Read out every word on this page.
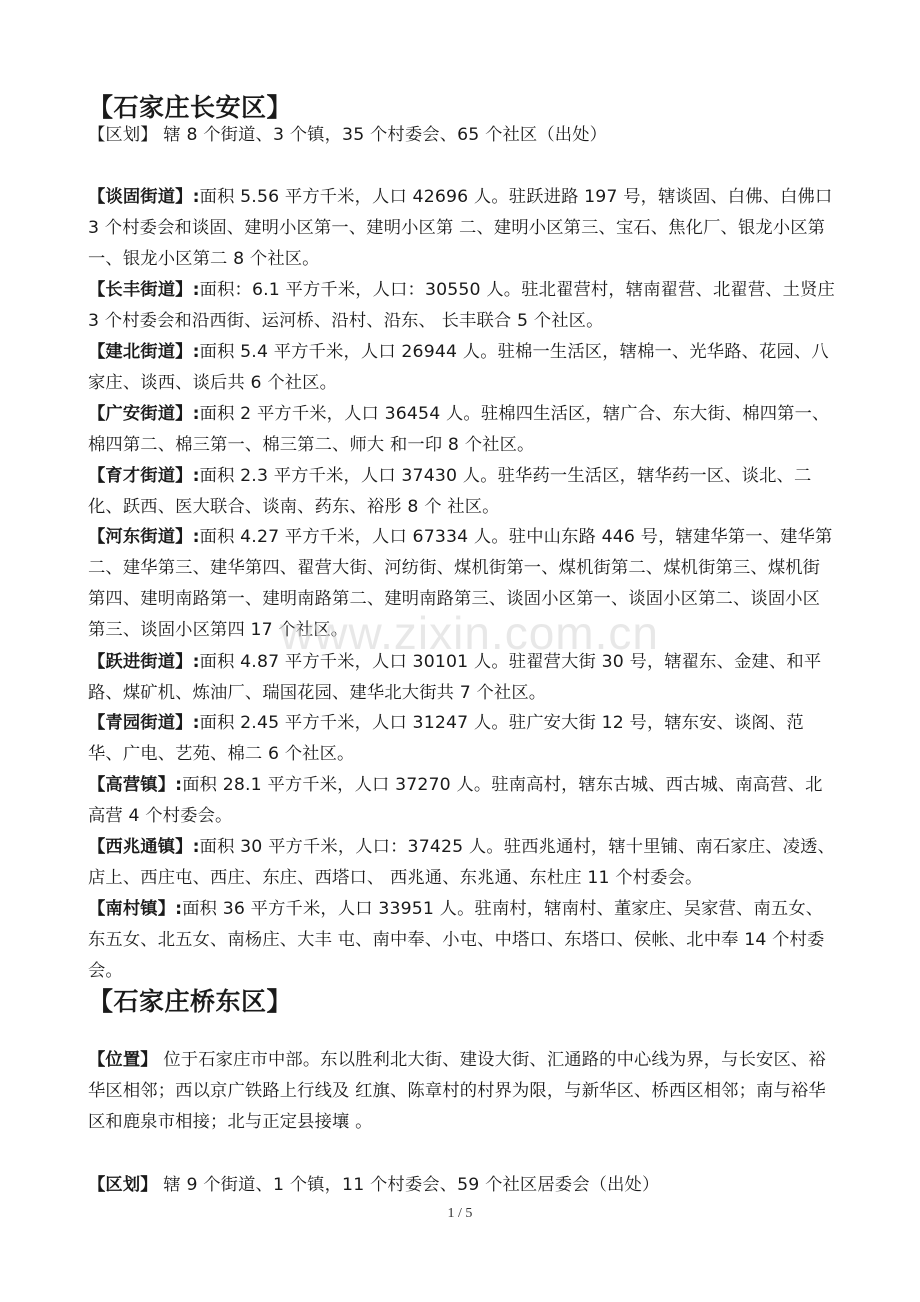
【石家庄长安区】

【区划】 辖 8 个街道、3 个镇，35 个村委会、65 个社区（出处）

【谈固街道】:面积 5.56 平方千米，人口 42696 人。驻跃进路 197 号，辖谈固、白佛、白佛口 3 个村委会和谈固、建明小区第一、建明小区第 二、建明小区第三、宝石、焦化厂、银龙小区第一、银龙小区第二 8 个社区。

【长丰街道】:面积：6.1 平方千米，人口：30550 人。驻北翟营村，辖南翟营、北翟营、土贤庄 3 个村委会和沿西街、运河桥、沿村、沿东、 长丰联合 5 个社区。

【建北街道】:面积 5.4 平方千米，人口 26944 人。驻棉一生活区，辖棉一、光华路、花园、八家庄、谈西、谈后共 6 个社区。

【广安街道】:面积 2 平方千米，人口 36454 人。驻棉四生活区，辖广合、东大街、棉四第一、棉四第二、棉三第一、棉三第二、师大 和一印 8 个社区。

【育才街道】:面积 2.3 平方千米，人口 37430 人。驻华药一生活区，辖华药一区、谈北、二化、跃西、医大联合、谈南、药东、裕彤 8 个 社区。

【河东街道】:面积 4.27 平方千米，人口 67334 人。驻中山东路 446 号，辖建华第一、建华第二、建华第三、建华第四、翟营大街、河纺街、煤机街第一、煤机街第二、煤机街第三、煤机街第四、建明南路第一、建明南路第二、建明南路第三、谈固小区第一、谈固小区第二、谈固小区第三、谈固小区第四 17 个社区。

【跃进街道】:面积 4.87 平方千米，人口 30101 人。驻翟营大街 30 号，辖翟东、金建、和平路、煤矿机、炼油厂、瑞国花园、建华北大街共 7 个社区。

【青园街道】:面积 2.45 平方千米，人口 31247 人。驻广安大街 12 号，辖东安、谈阁、范华、广电、艺苑、棉二 6 个社区。

【高营镇】:面积 28.1 平方千米，人口 37270 人。驻南高村，辖东古城、西古城、南高营、北高营 4 个村委会。

【西兆通镇】:面积 30 平方千米，人口：37425 人。驻西兆通村，辖十里铺、南石家庄、凌透、店上、西庄屯、西庄、东庄、西塔口、 西兆通、东兆通、东杜庄 11 个村委会。

【南村镇】:面积 36 平方千米，人口 33951 人。驻南村，辖南村、董家庄、吴家营、南五女、东五女、北五女、南杨庄、大丰 屯、南中奉、小屯、中塔口、东塔口、侯帐、北中奉 14 个村委会。

www.zixin.com.cn
【石家庄桥东区】

【位置】 位于石家庄市中部。东以胜利北大街、建设大街、汇通路的中心线为界，与长安区、裕华区相邻；西以京广铁路上行线及 红旗、陈章村的村界为限，与新华区、桥西区相邻；南与裕华区和鹿泉市相接；北与正定县接壤 。

【区划】 辖 9 个街道、1 个镇，11 个村委会、59 个社区居委会（出处）

1 / 5
